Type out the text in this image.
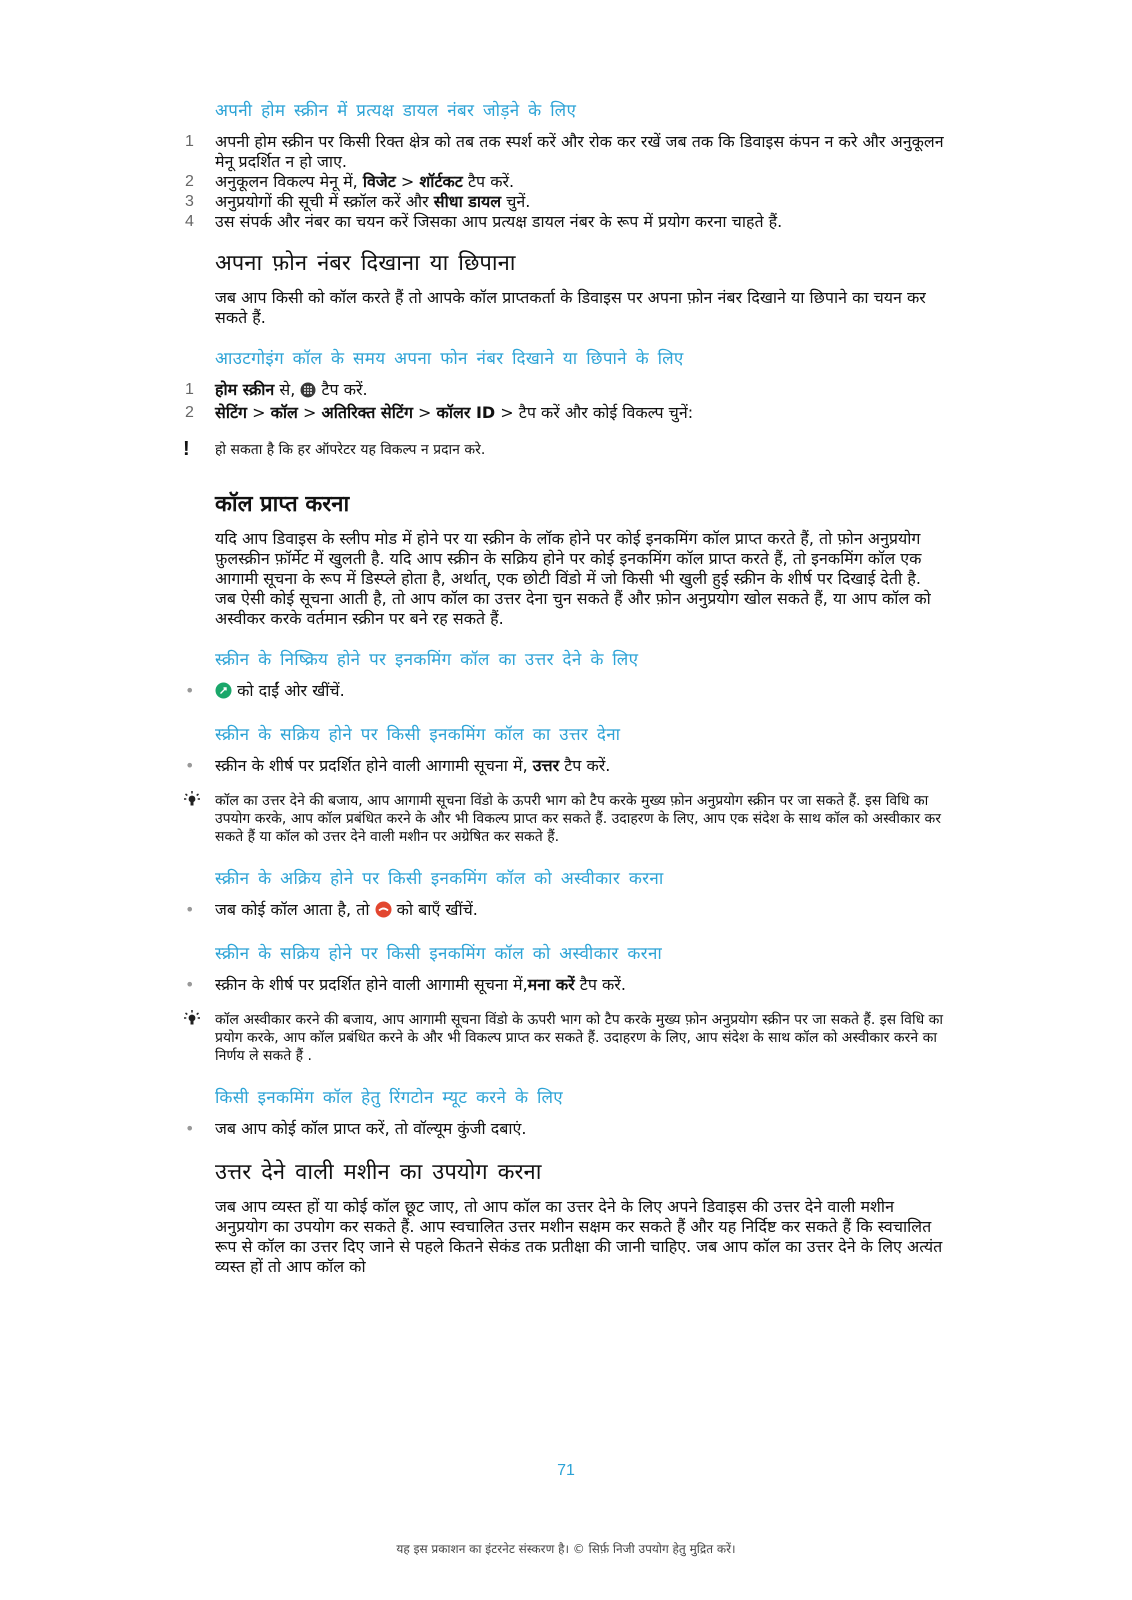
अपनी होम स्क्रीन में प्रत्यक्ष डायल नंबर जोड़ने के लिए
1	अपनी होम स्क्रीन पर किसी रिक्त क्षेत्र को तब तक स्पर्श करें और रोक कर रखें जब तक कि डिवाइस कंपन न करे और अनुकूलन मेनू प्रदर्शित न हो जाए.
2	अनुकूलन विकल्प मेनू में, विजेट > शॉर्टकट टैप करें.
3	अनुप्रयोगों की सूची में स्क्रॉल करें और सीधा डायल चुनें.
4	उस संपर्क और नंबर का चयन करें जिसका आप प्रत्यक्ष डायल नंबर के रूप में प्रयोग करना चाहते हैं.
अपना फ़ोन नंबर दिखाना या छिपाना

जब आप किसी को कॉल करते हैं तो आपके कॉल प्राप्तकर्ता के डिवाइस पर अपना फ़ोन नंबर दिखाने या छिपाने का चयन कर सकते हैं.

आउटगोइंग कॉल के समय अपना फोन नंबर दिखाने या छिपाने के लिए
1	होम स्क्रीन से,  टैप करें.
2	सेटिंग > कॉल > अतिरिक्त सेटिंग > कॉलर ID > टैप करें और कोई विकल्प चुनें:
!	हो सकता है कि हर ऑपरेटर यह विकल्प न प्रदान करे.
कॉल प्राप्त करना

यदि आप डिवाइस के स्लीप मोड में होने पर या स्क्रीन के लॉक होने पर कोई इनकमिंग कॉल प्राप्त करते हैं, तो फ़ोन अनुप्रयोग फ़ुलस्क्रीन फ़ॉर्मेट में खुलती है. यदि आप स्क्रीन के सक्रिय होने पर कोई इनकमिंग कॉल प्राप्त करते हैं, तो इनकमिंग कॉल एक आगामी सूचना के रूप में डिस्प्ले होता है, अर्थात्, एक छोटी विंडो में जो किसी भी खुली हुई स्क्रीन के शीर्ष पर दिखाई देती है. जब ऐसी कोई सूचना आती है, तो आप कॉल का उत्तर देना चुन सकते हैं और फ़ोन अनुप्रयोग खोल सकते हैं, या आप कॉल को अस्वीकर करके वर्तमान स्क्रीन पर बने रह सकते हैं.

स्क्रीन के निष्क्रिय होने पर इनकमिंग कॉल का उत्तर देने के लिए
•	को दाईं ओर खींचें.
स्क्रीन के सक्रिय होने पर किसी इनकमिंग कॉल का उत्तर देना
• स्क्रीन के शीर्ष पर प्रदर्शित होने वाली आगामी सूचना में, उत्तर टैप करें.
कॉल का उत्तर देने की बजाय, आप आगामी सूचना विंडो के ऊपरी भाग को टैप करके मुख्य फ़ोन अनुप्रयोग स्क्रीन पर जा सकते हैं. इस विधि का उपयोग करके, आप कॉल प्रबंधित करने के और भी विकल्प प्राप्त कर सकते हैं. उदाहरण के लिए, आप एक संदेश के साथ कॉल को अस्वीकार कर सकते हैं या कॉल को उत्तर देने वाली मशीन पर अग्रेषित कर सकते हैं.
स्क्रीन के अक्रिय होने पर किसी इनकमिंग कॉल को अस्वीकार करना
• जब कोई कॉल आता है, तो  को बाएँ खींचें.
स्क्रीन के सक्रिय होने पर किसी इनकमिंग कॉल को अस्वीकार करना
• स्क्रीन के शीर्ष पर प्रदर्शित होने वाली आगामी सूचना में,मना करें टैप करें.
कॉल अस्वीकार करने की बजाय, आप आगामी सूचना विंडो के ऊपरी भाग को टैप करके मुख्य फ़ोन अनुप्रयोग स्क्रीन पर जा सकते हैं. इस विधि का प्रयोग करके, आप कॉल प्रबंधित करने के और भी विकल्प प्राप्त कर सकते हैं. उदाहरण के लिए, आप संदेश के साथ कॉल को अस्वीकार करने का निर्णय ले सकते हैं .
किसी इनकमिंग कॉल हेतु रिंगटोन म्यूट करने के लिए
• जब आप कोई कॉल प्राप्त करें, तो वॉल्यूम कुंजी दबाएं.
उत्तर देने वाली मशीन का उपयोग करना

जब आप व्यस्त हों या कोई कॉल छूट जाए, तो आप कॉल का उत्तर देने के लिए अपने डिवाइस की उत्तर देने वाली मशीन अनुप्रयोग का उपयोग कर सकते हैं. आप स्वचालित उत्तर मशीन सक्षम कर सकते हैं और यह निर्दिष्ट कर सकते हैं कि स्वचालित रूप से कॉल का उत्तर दिए जाने से पहले कितने सेकंड तक प्रतीक्षा की जानी चाहिए. जब आप कॉल का उत्तर देने के लिए अत्यंत व्यस्त हों तो आप कॉल को

71
यह इस प्रकाशन का इंटरनेट संस्करण है। © सिर्फ़ निजी उपयोग हेतु मुद्रित करें।
